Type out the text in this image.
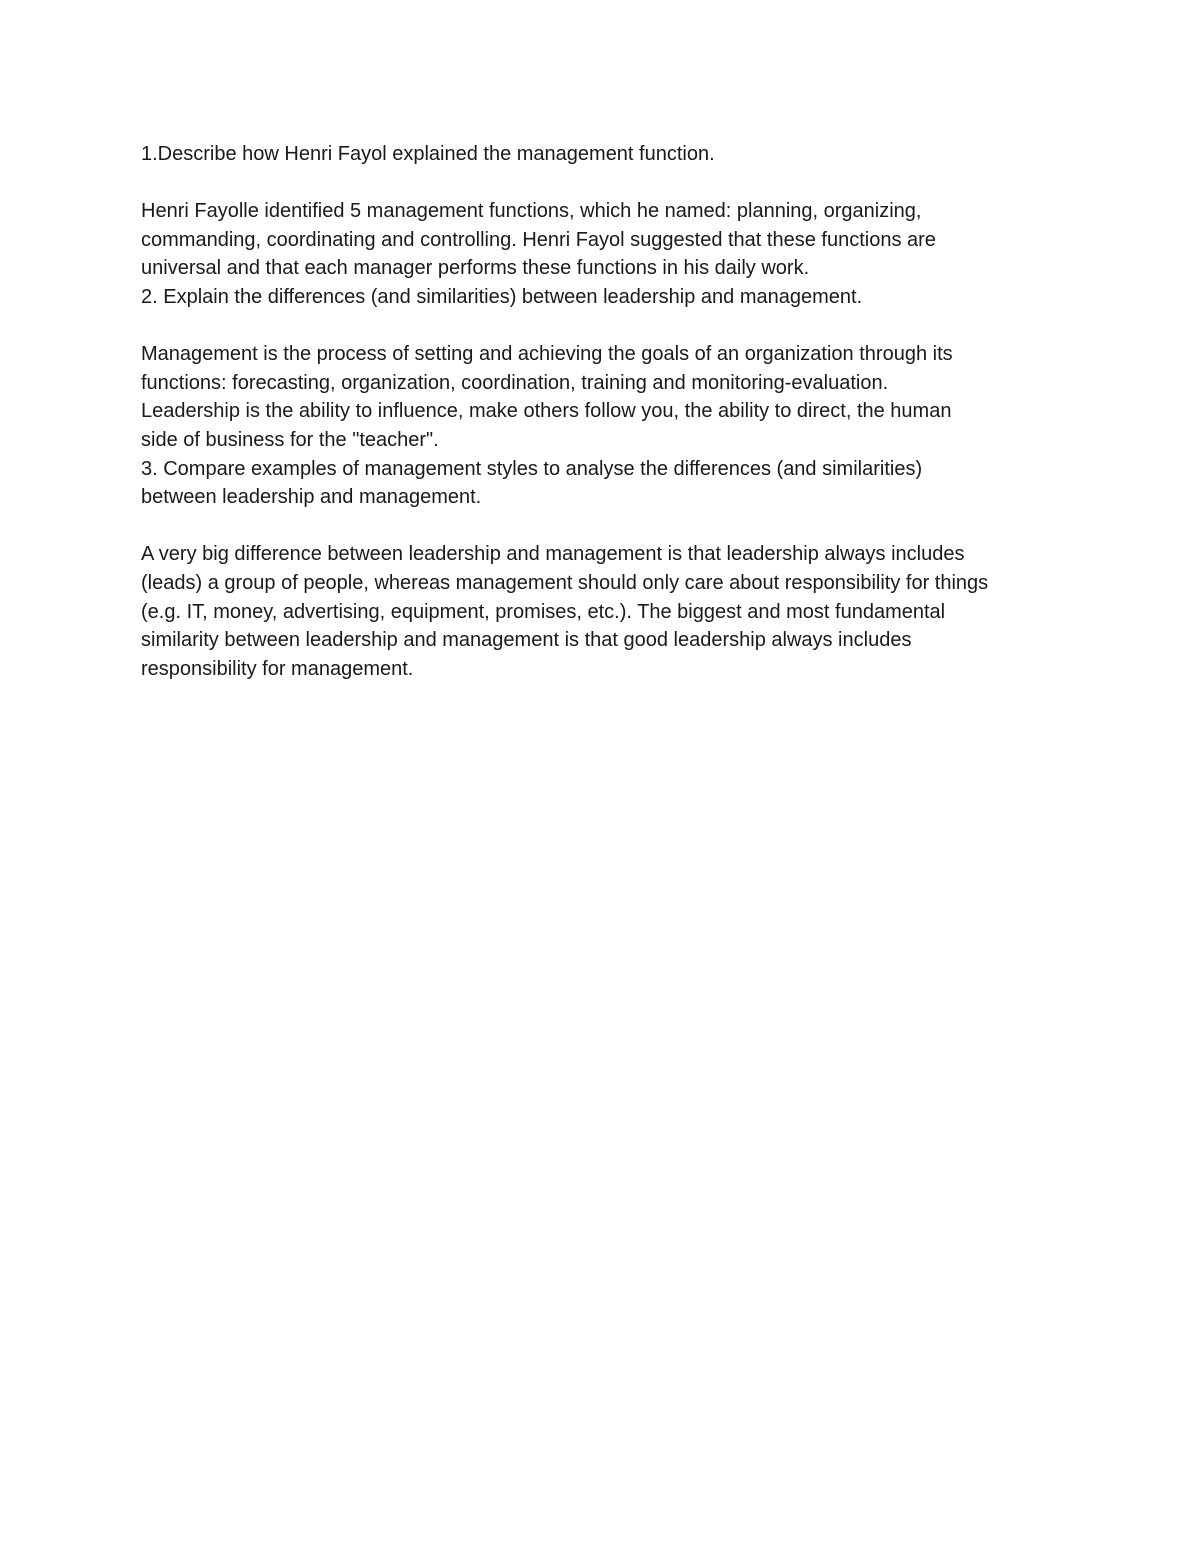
1.Describe how Henri Fayol explained the management function.
Henri Fayolle identified 5 management functions, which he named: planning, organizing,
commanding, coordinating and controlling. Henri Fayol suggested that these functions are
universal and that each manager performs these functions in his daily work.
2. Explain the differences (and similarities) between leadership and management.
Management is the process of setting and achieving the goals of an organization through its
functions: forecasting, organization, coordination, training and monitoring-evaluation.
Leadership is the ability to influence, make others follow you, the ability to direct, the human
side of business for the "teacher".
3. Compare examples of management styles to analyse the differences (and similarities)
between leadership and management.
A very big difference between leadership and management is that leadership always includes
(leads) a group of people, whereas management should only care about responsibility for things
(e.g. IT, money, advertising, equipment, promises, etc.). The biggest and most fundamental
similarity between leadership and management is that good leadership always includes
responsibility for management.
